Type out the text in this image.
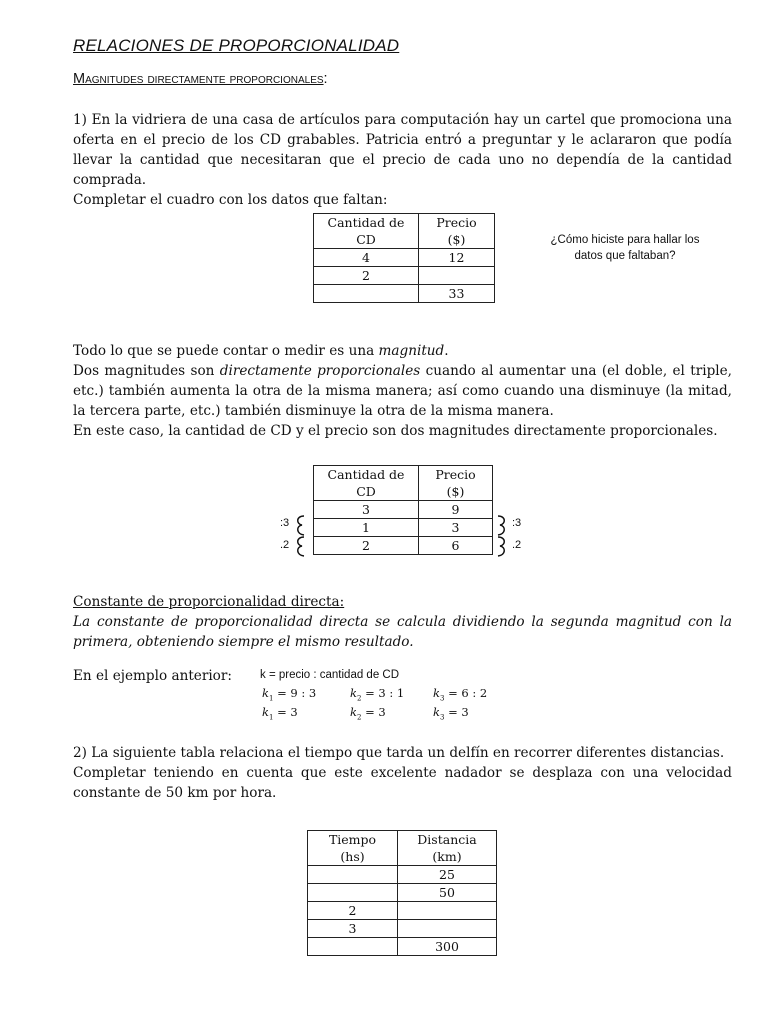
RELACIONES DE PROPORCIONALIDAD
Magnitudes directamente proporcionales:

1) En la vidriera de una casa de artículos para computación hay un cartel que promociona una oferta en el precio de los CD grabables. Patricia entró a preguntar y le aclararon que podía llevar la cantidad que necesitaran que el precio de cada uno no dependía de la cantidad comprada.

Completar el cuadro con los datos que faltan:

Cantidad de
CD	Precio
($)
4	12
2	
	33
¿Cómo hiciste para hallar los
datos que faltaban?

Todo lo que se puede contar o medir es una magnitud.

Dos magnitudes son directamente proporcionales cuando al aumentar una (el doble, el triple, etc.) también aumenta la otra de la misma manera; así como cuando una disminuye (la mitad, la tercera parte, etc.) también disminuye la otra de la misma manera.

En este caso, la cantidad de CD y el precio son dos magnitudes directamente proporcionales.

Cantidad de
CD	Precio
($)
3	9
1	3
2	6
:3
.2
:3
.2

Constante de proporcionalidad directa:

La constante de proporcionalidad directa se calcula dividiendo la segunda magnitud con la primera, obteniendo siempre el mismo resultado.

En el ejemplo anterior: k = precio : cantidad de CD
$k_1 = 9$ : 3	$k_2 = 3$ : 1	$k_3 = 6$ : 2
$k_1 = 3$	$k_2 = 3$	$k_3 = 3$

2) La siguiente tabla relaciona el tiempo que tarda un delfín en recorrer diferentes distancias.

Completar teniendo en cuenta que este excelente nadador se desplaza con una velocidad constante de 50 km por hora.

Tiempo
(hs)	Distancia
(km)
	25
	50
2	
3	
	300
